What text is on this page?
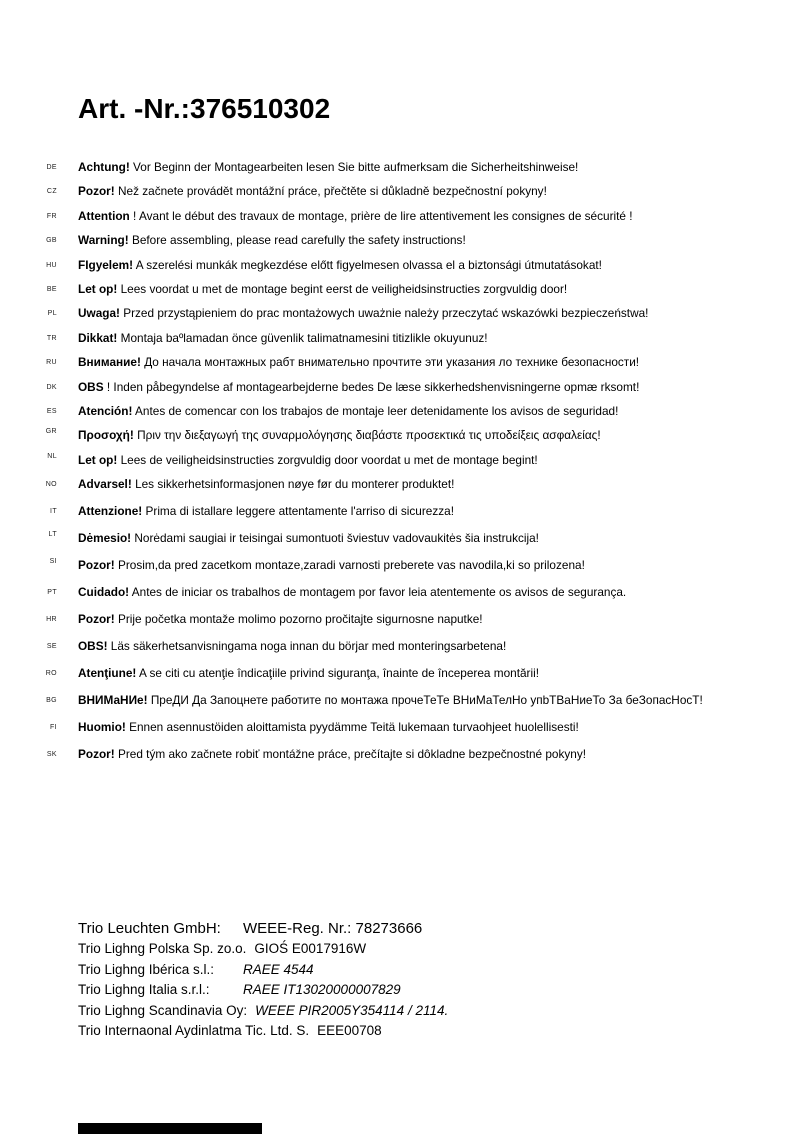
Art. -Nr.:376510302
DE Achtung! Vor Beginn der Montagearbeiten lesen Sie bitte aufmerksam die Sicherheitshinweise!

CZ Pozor! Než začnete provádět montážní práce, přečtěte si důkladně bezpečnostní pokyny!

FR Attention ! Avant le début des travaux de montage, prière de lire attentivement les consignes de sécurité !

GB Warning! Before assembling, please read carefully the safety instructions!

HU FIgyelem! A szerelési munkák megkezdése előtt figyelmesen olvassa el a biztonsági útmutatásokat!

BE Let op! Lees voordat u met de montage begint eerst de veiligheidsinstructies zorgvuldig door!

PL Uwaga! Przed przystąpieniem do prac montażowych uważnie należy przeczytać wskazówki bezpieczeństwa!

TR Dikkat! Montaja baºlamadan önce güvenlik talimatnamesini titizlikle okuyunuz!

RU Внимание! До начала монтажных рабт внимательно прочтите эти указания ло технике безопасности!

DK OBS ! Inden påbegyndelse af montagearbejderne bedes De læse sikkerhedshenvisningerne opmæ rksomt!

ES Atención! Antes de comencar con los trabajos de montaje leer detenidamente los avisos de seguridad!

GR Προσοχή! Πριν την διεξαγωγή της συναρμολόγησης διαβάστε προσεκτικά τις υποδείξεις ασφαλείας!

NL Let op! Lees de veiligheidsinstructies zorgvuldig door voordat u met de montage begint!

NO Advarsel! Les sikkerhetsinformasjonen nøye før du monterer produktet!

IT Attenzione! Prima di istallare leggere attentamente l'arriso di sicurezza!

LT Dėmesio! Norėdami saugiai ir teisingai sumontuoti šviestuv vadovaukitės šia instrukcija!

SI Pozor! Prosim,da pred zacetkom montaze,zaradi varnosti preberete vas navodila,ki so prilozena!

PT Cuidado! Antes de iniciar os trabalhos de montagem por favor leia atentemente os avisos de segurança.

HR Pozor! Prije početka montaže molimo pozorno pročitajte sigurnosne naputke!

SE OBS! Läs säkerhetsanvisningama noga innan du börjar med monteringsarbetena!

RO Atenţiune! A se citi cu atenţie îndicaţiile privind siguranţa, înainte de începerea montării!

BG ВНИМаНИе! ПреДИ Да Запоцнете работите по монтажа прочеТеТе ВНиМаТелНо упbТВаНиеТо За беЗопасНосТ!

FI Huomio! Ennen asennustöiden aloittamista pyydämme Teitä lukemaan turvaohjeet huolellisesti!

SK Pozor! Pred tým ako začnete robiť montážne práce, prečítajte si dôkladne bezpečnostné pokyny!

Trio Leuchten GmbH:	WEEE-Reg. Nr.: 78273666
Trio Lighng Polska Sp. zo.o. GIOŚ E0017916W
Trio Lighng Ibérica s.l.:	RAEE 4544
Trio Lighng Italia s.r.l.:	RAEE IT13020000007829
Trio Lighng Scandinavia Oy: WEEE PIR2005Y354114 / 2114.
Trio Internaonal Aydinlatma Tic. Ltd. S. EEE00708
